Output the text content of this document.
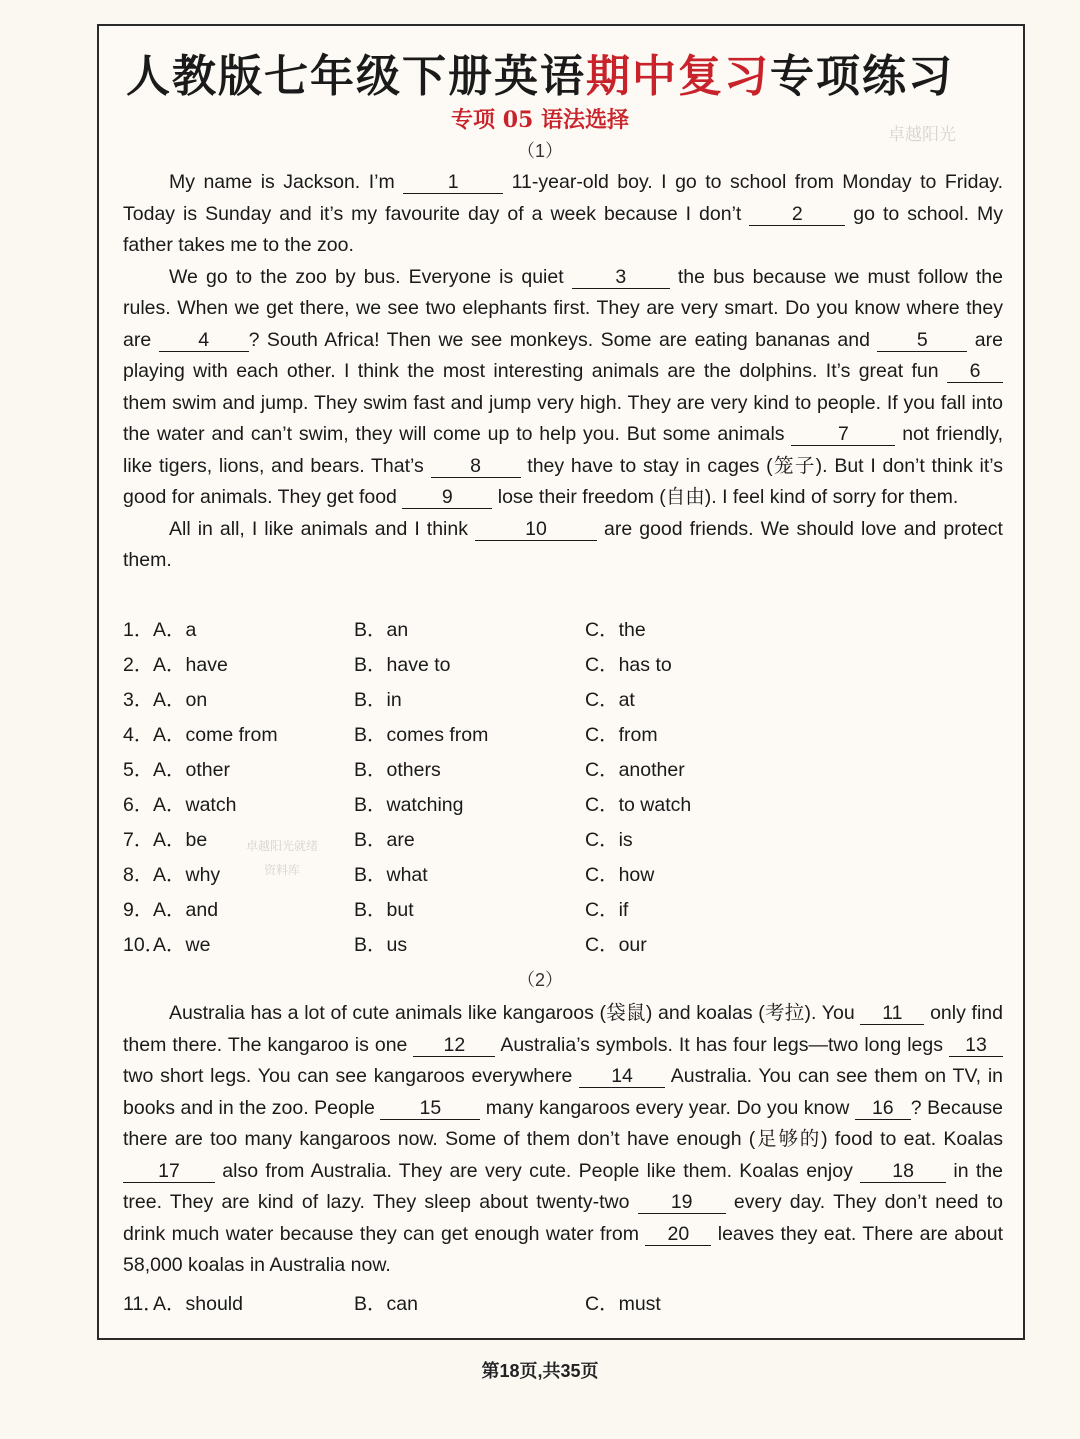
人教版七年级下册英语期中复习专项练习
专项 05 语法选择
卓越阳光
卓越阳光就绪
资料库
（1）

My name is Jackson. I’m 1 11-year-old boy. I go to school from Monday to Friday. Today is Sunday and it’s my favourite day of a week because I don’t 2 go to school. My father takes me to the zoo.

We go to the zoo by bus. Everyone is quiet 3 the bus because we must follow the rules. When we get there, we see two elephants first. They are very smart. Do you know where they are 4 ? South Africa! Then we see monkeys. Some are eating bananas and 5 are playing with each other. I think the most interesting animals are the dolphins. It’s great fun 6 them swim and jump. They swim fast and jump very high. They are very kind to people. If you fall into the water and can’t swim, they will come up to help you. But some animals 7 not friendly, like tigers, lions, and bears. That’s 8 they have to stay in cages (笼子). But I don’t think it’s good for animals. They get food 9 lose their freedom (自由). I feel kind of sorry for them.

All in all, I like animals and I think	10	are good friends. We should love and protect them.

1． A．a	B．an	C．the
2． A．have	B．have to	C．has to
3． A．on	B．in	C．at
4． A．come from	B．comes from	C．from
5． A．other	B．others	C．another
6． A．watch	B．watching	C．to watch
7． A．be	B．are	C．is
8． A．why	B．what	C．how
9． A．and	B．but	C．if
10．
A．we	B．us	C．our
（2）

Australia has a lot of cute animals like kangaroos (袋鼠) and koalas (考拉). You 11 only find them there. The kangaroo is one 12 Australia’s symbols. It has four legs—two long legs 13 two short legs. You can see kangaroos everywhere 14 Australia. You can see them on TV, in books and in the zoo. People 15 many kangaroos every year. Do you know 16 ? Because there are too many kangaroos now. Some of them don’t have enough (足够的) food to eat. Koalas 17 also from Australia. They are very cute. People like them. Koalas enjoy 18 in the tree. They are kind of lazy. They sleep about twenty-two 19 every day. They don’t need to drink much water because they can get enough water from 20 leaves they eat. There are about 58,000 koalas in Australia now.

11．
A．should	B．can	C．must
第18页,共35页
